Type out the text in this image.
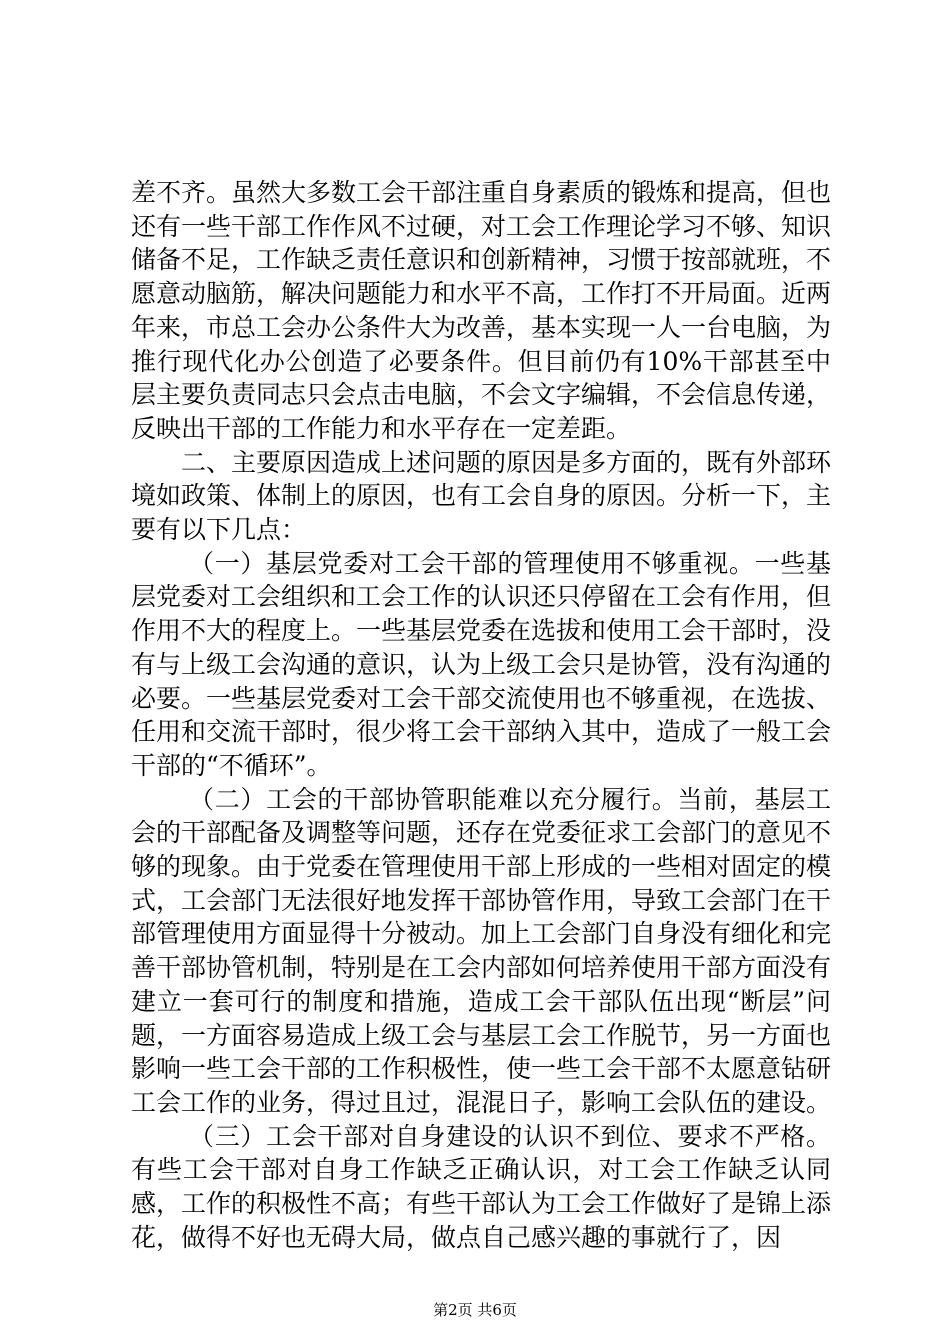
差不齐。虽然大多数工会干部注重自身素质的锻炼和提高，但也还有一些干部工作作风不过硬，对工会工作理论学习不够、知识储备不足，工作缺乏责任意识和创新精神，习惯于按部就班，不愿意动脑筋，解决问题能力和水平不高，工作打不开局面。近两年来，市总工会办公条件大为改善，基本实现一人一台电脑，为推行现代化办公创造了必要条件。但目前仍有10%干部甚至中层主要负责同志只会点击电脑，不会文字编辑，不会信息传递，反映出干部的工作能力和水平存在一定差距。

二、主要原因造成上述问题的原因是多方面的，既有外部环境如政策、体制上的原因，也有工会自身的原因。分析一下，主要有以下几点：

（一）基层党委对工会干部的管理使用不够重视。一些基层党委对工会组织和工会工作的认识还只停留在工会有作用，但作用不大的程度上。一些基层党委在选拔和使用工会干部时，没有与上级工会沟通的意识，认为上级工会只是协管，没有沟通的必要。一些基层党委对工会干部交流使用也不够重视，在选拔、任用和交流干部时，很少将工会干部纳入其中，造成了一般工会干部的“不循环”。

（二）工会的干部协管职能难以充分履行。当前，基层工会的干部配备及调整等问题，还存在党委征求工会部门的意见不够的现象。由于党委在管理使用干部上形成的一些相对固定的模式，工会部门无法很好地发挥干部协管作用，导致工会部门在干部管理使用方面显得十分被动。加上工会部门自身没有细化和完善干部协管机制，特别是在工会内部如何培养使用干部方面没有建立一套可行的制度和措施，造成工会干部队伍出现“断层”问题，一方面容易造成上级工会与基层工会工作脱节，另一方面也影响一些工会干部的工作积极性，使一些工会干部不太愿意钻研工会工作的业务，得过且过，混混日子，影响工会队伍的建设。

（三）工会干部对自身建设的认识不到位、要求不严格。有些工会干部对自身工作缺乏正确认识，对工会工作缺乏认同感，工作的积极性不高；有些干部认为工会工作做好了是锦上添花，做得不好也无碍大局，做点自己感兴趣的事就行了，因

第2页 共6页
